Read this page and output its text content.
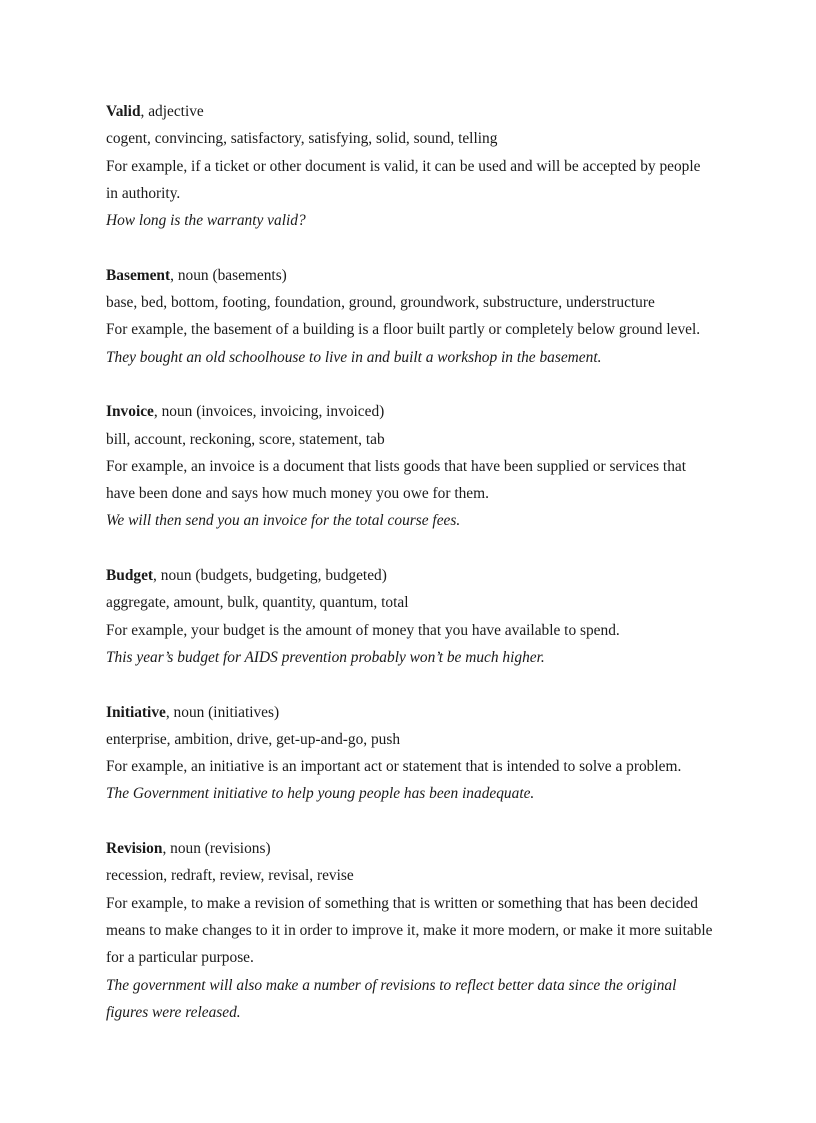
Valid, adjective
cogent, convincing, satisfactory, satisfying, solid, sound, telling
For example, if a ticket or other document is valid, it can be used and will be accepted by people in authority.
How long is the warranty valid?
Basement, noun (basements)
base, bed, bottom, footing, foundation, ground, groundwork, substructure, understructure
For example, the basement of a building is a floor built partly or completely below ground level.
They bought an old schoolhouse to live in and built a workshop in the basement.
Invoice, noun (invoices, invoicing, invoiced)
bill, account, reckoning, score, statement, tab
For example, an invoice is a document that lists goods that have been supplied or services that have been done and says how much money you owe for them.
We will then send you an invoice for the total course fees.
Budget, noun (budgets, budgeting, budgeted)
aggregate, amount, bulk, quantity, quantum, total
For example, your budget is the amount of money that you have available to spend.
This year’s budget for AIDS prevention probably won’t be much higher.
Initiative, noun (initiatives)
enterprise, ambition, drive, get-up-and-go, push
For example, an initiative is an important act or statement that is intended to solve a problem.
The Government initiative to help young people has been inadequate.
Revision, noun (revisions)
recession, redraft, review, revisal, revise
For example, to make a revision of something that is written or something that has been decided means to make changes to it in order to improve it, make it more modern, or make it more suitable for a particular purpose.
The government will also make a number of revisions to reflect better data since the original figures were released.
